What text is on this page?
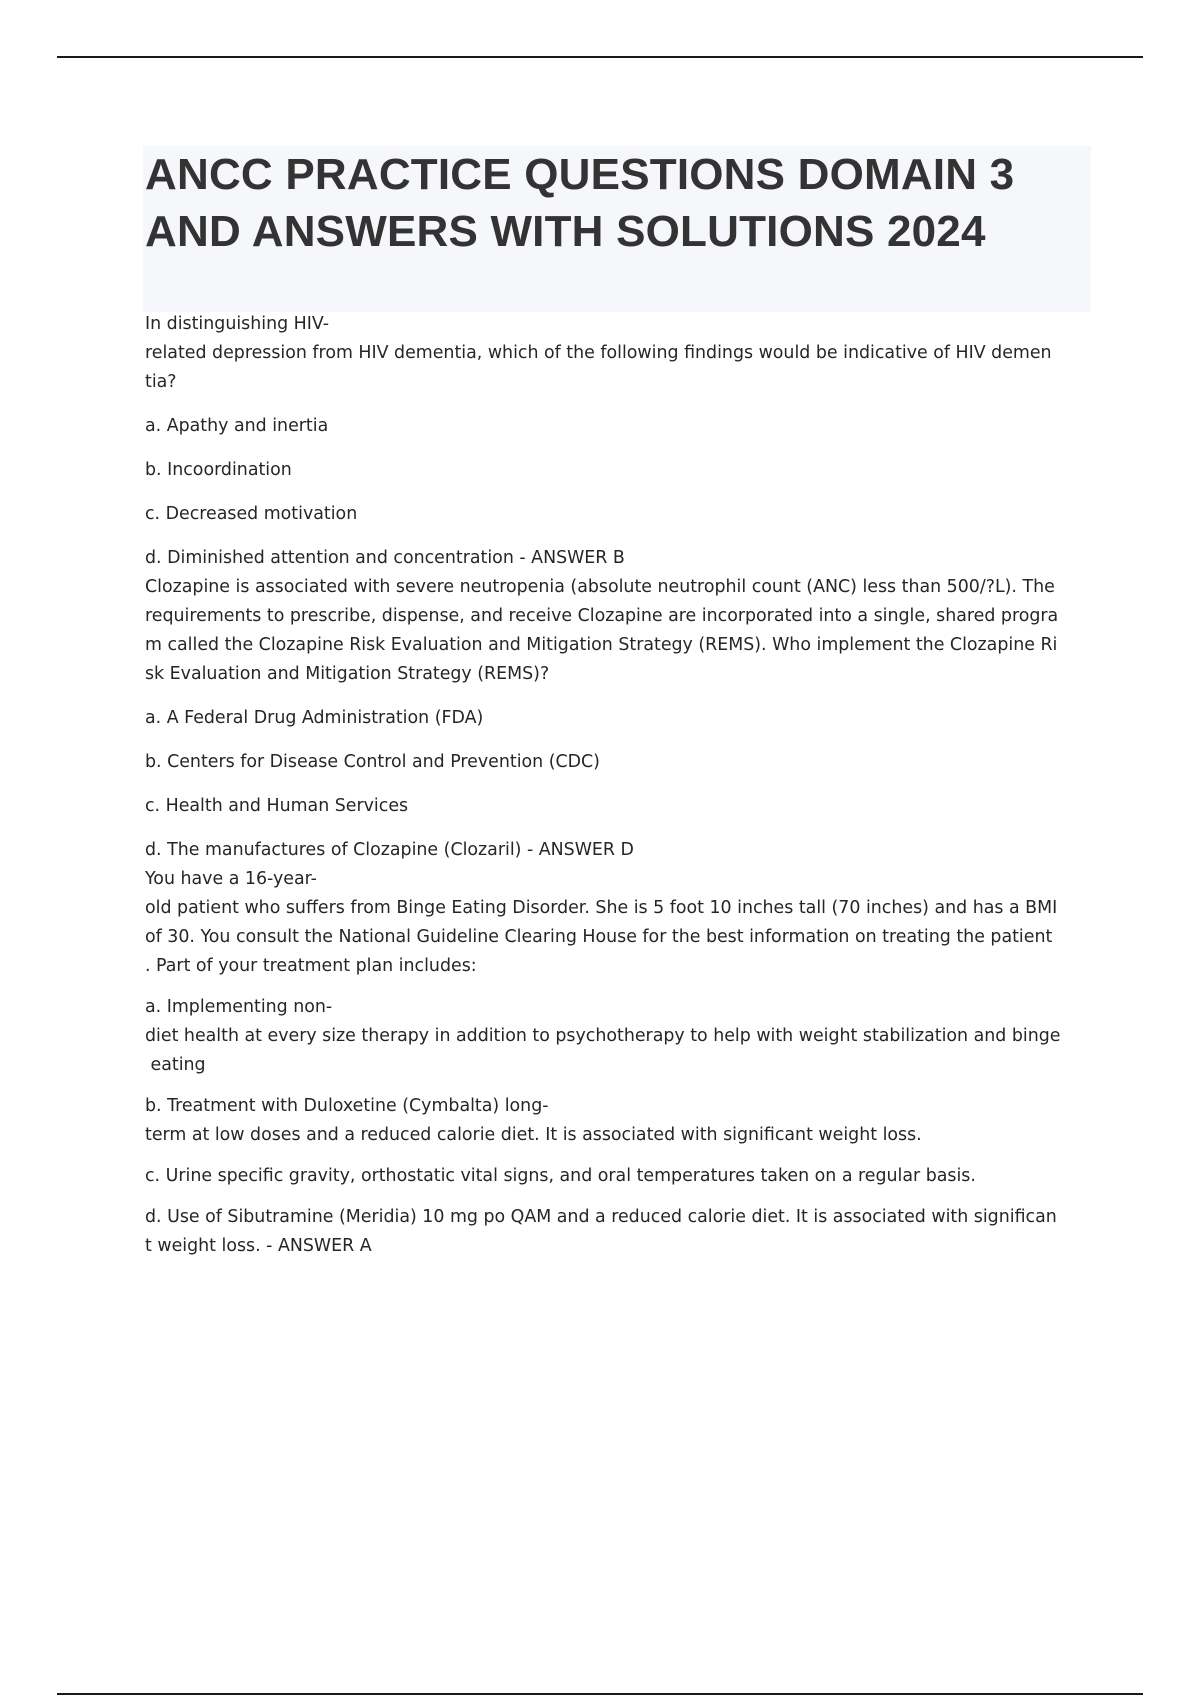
ANCC PRACTICE QUESTIONS DOMAIN 3 AND ANSWERS WITH SOLUTIONS 2024

In distinguishing HIV-
related depression from HIV dementia, which of the following findings would be indicative of HIV demen
tia?

a. Apathy and inertia

b. Incoordination

c. Decreased motivation

d. Diminished attention and concentration - ANSWER B

Clozapine is associated with severe neutropenia (absolute neutrophil count (ANC) less than 500/?L). The
requirements to prescribe, dispense, and receive Clozapine are incorporated into a single, shared progra
m called the Clozapine Risk Evaluation and Mitigation Strategy (REMS). Who implement the Clozapine Ri
sk Evaluation and Mitigation Strategy (REMS)?

a. A Federal Drug Administration (FDA)

b. Centers for Disease Control and Prevention (CDC)

c. Health and Human Services

d. The manufactures of Clozapine (Clozaril) - ANSWER D

You have a 16-year-
old patient who suffers from Binge Eating Disorder. She is 5 foot 10 inches tall (70 inches) and has a BMI
of 30. You consult the National Guideline Clearing House for the best information on treating the patient
. Part of your treatment plan includes:

a. Implementing non-
diet health at every size therapy in addition to psychotherapy to help with weight stabilization and binge
eating

b. Treatment with Duloxetine (Cymbalta) long-
term at low doses and a reduced calorie diet. It is associated with significant weight loss.

c. Urine specific gravity, orthostatic vital signs, and oral temperatures taken on a regular basis.

d. Use of Sibutramine (Meridia) 10 mg po QAM and a reduced calorie diet. It is associated with significan
t weight loss. - ANSWER A
